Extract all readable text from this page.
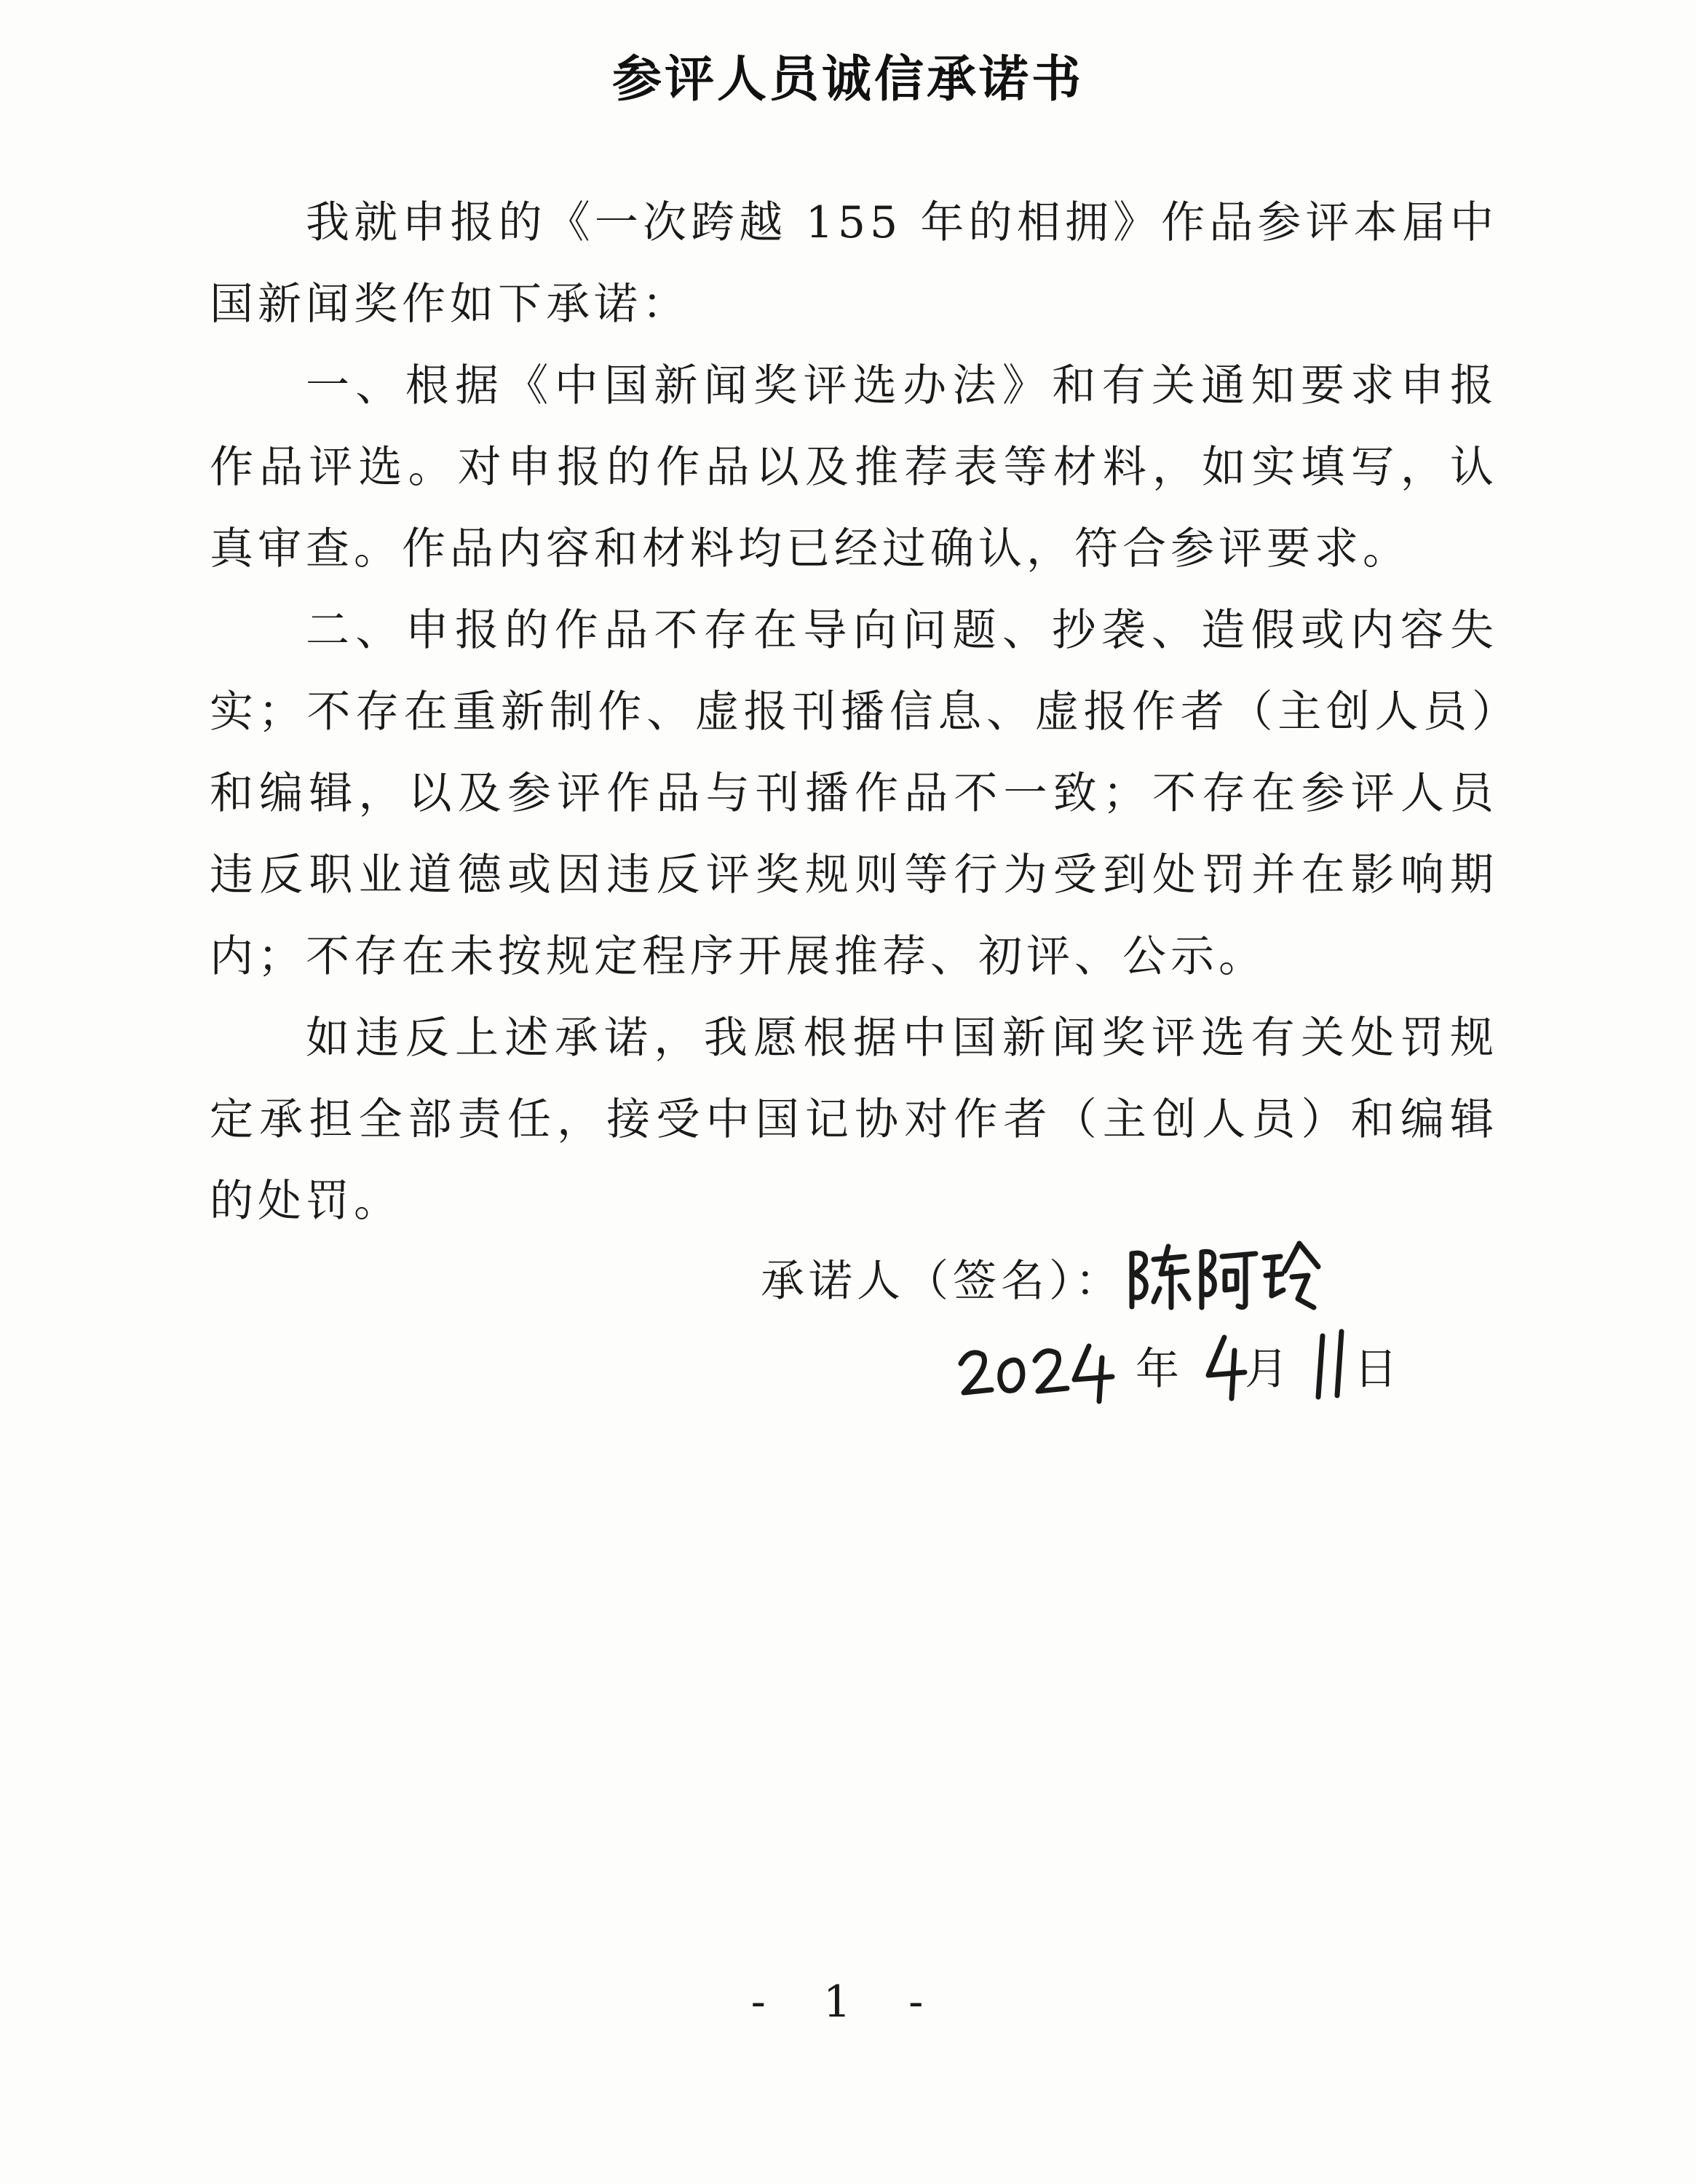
参评人员诚信承诺书

我就申报的《一次跨越 155 年的相拥》作品参评本届中国新闻奖作如下承诺：

一、根据《中国新闻奖评选办法》和有关通知要求申报作品评选。对申报的作品以及推荐表等材料，如实填写，认真审查。作品内容和材料均已经过确认，符合参评要求。

二、申报的作品不存在导向问题、抄袭、造假或内容失实；不存在重新制作、虚报刊播信息、虚报作者（主创人员）和编辑，以及参评作品与刊播作品不一致；不存在参评人员违反职业道德或因违反评奖规则等行为受到处罚并在影响期内；不存在未按规定程序开展推荐、初评、公示。

如违反上述承诺，我愿根据中国新闻奖评选有关处罚规定承担全部责任，接受中国记协对作者（主创人员）和编辑的处罚。

承诺人（签名）：
年 月 日
- 1 -
